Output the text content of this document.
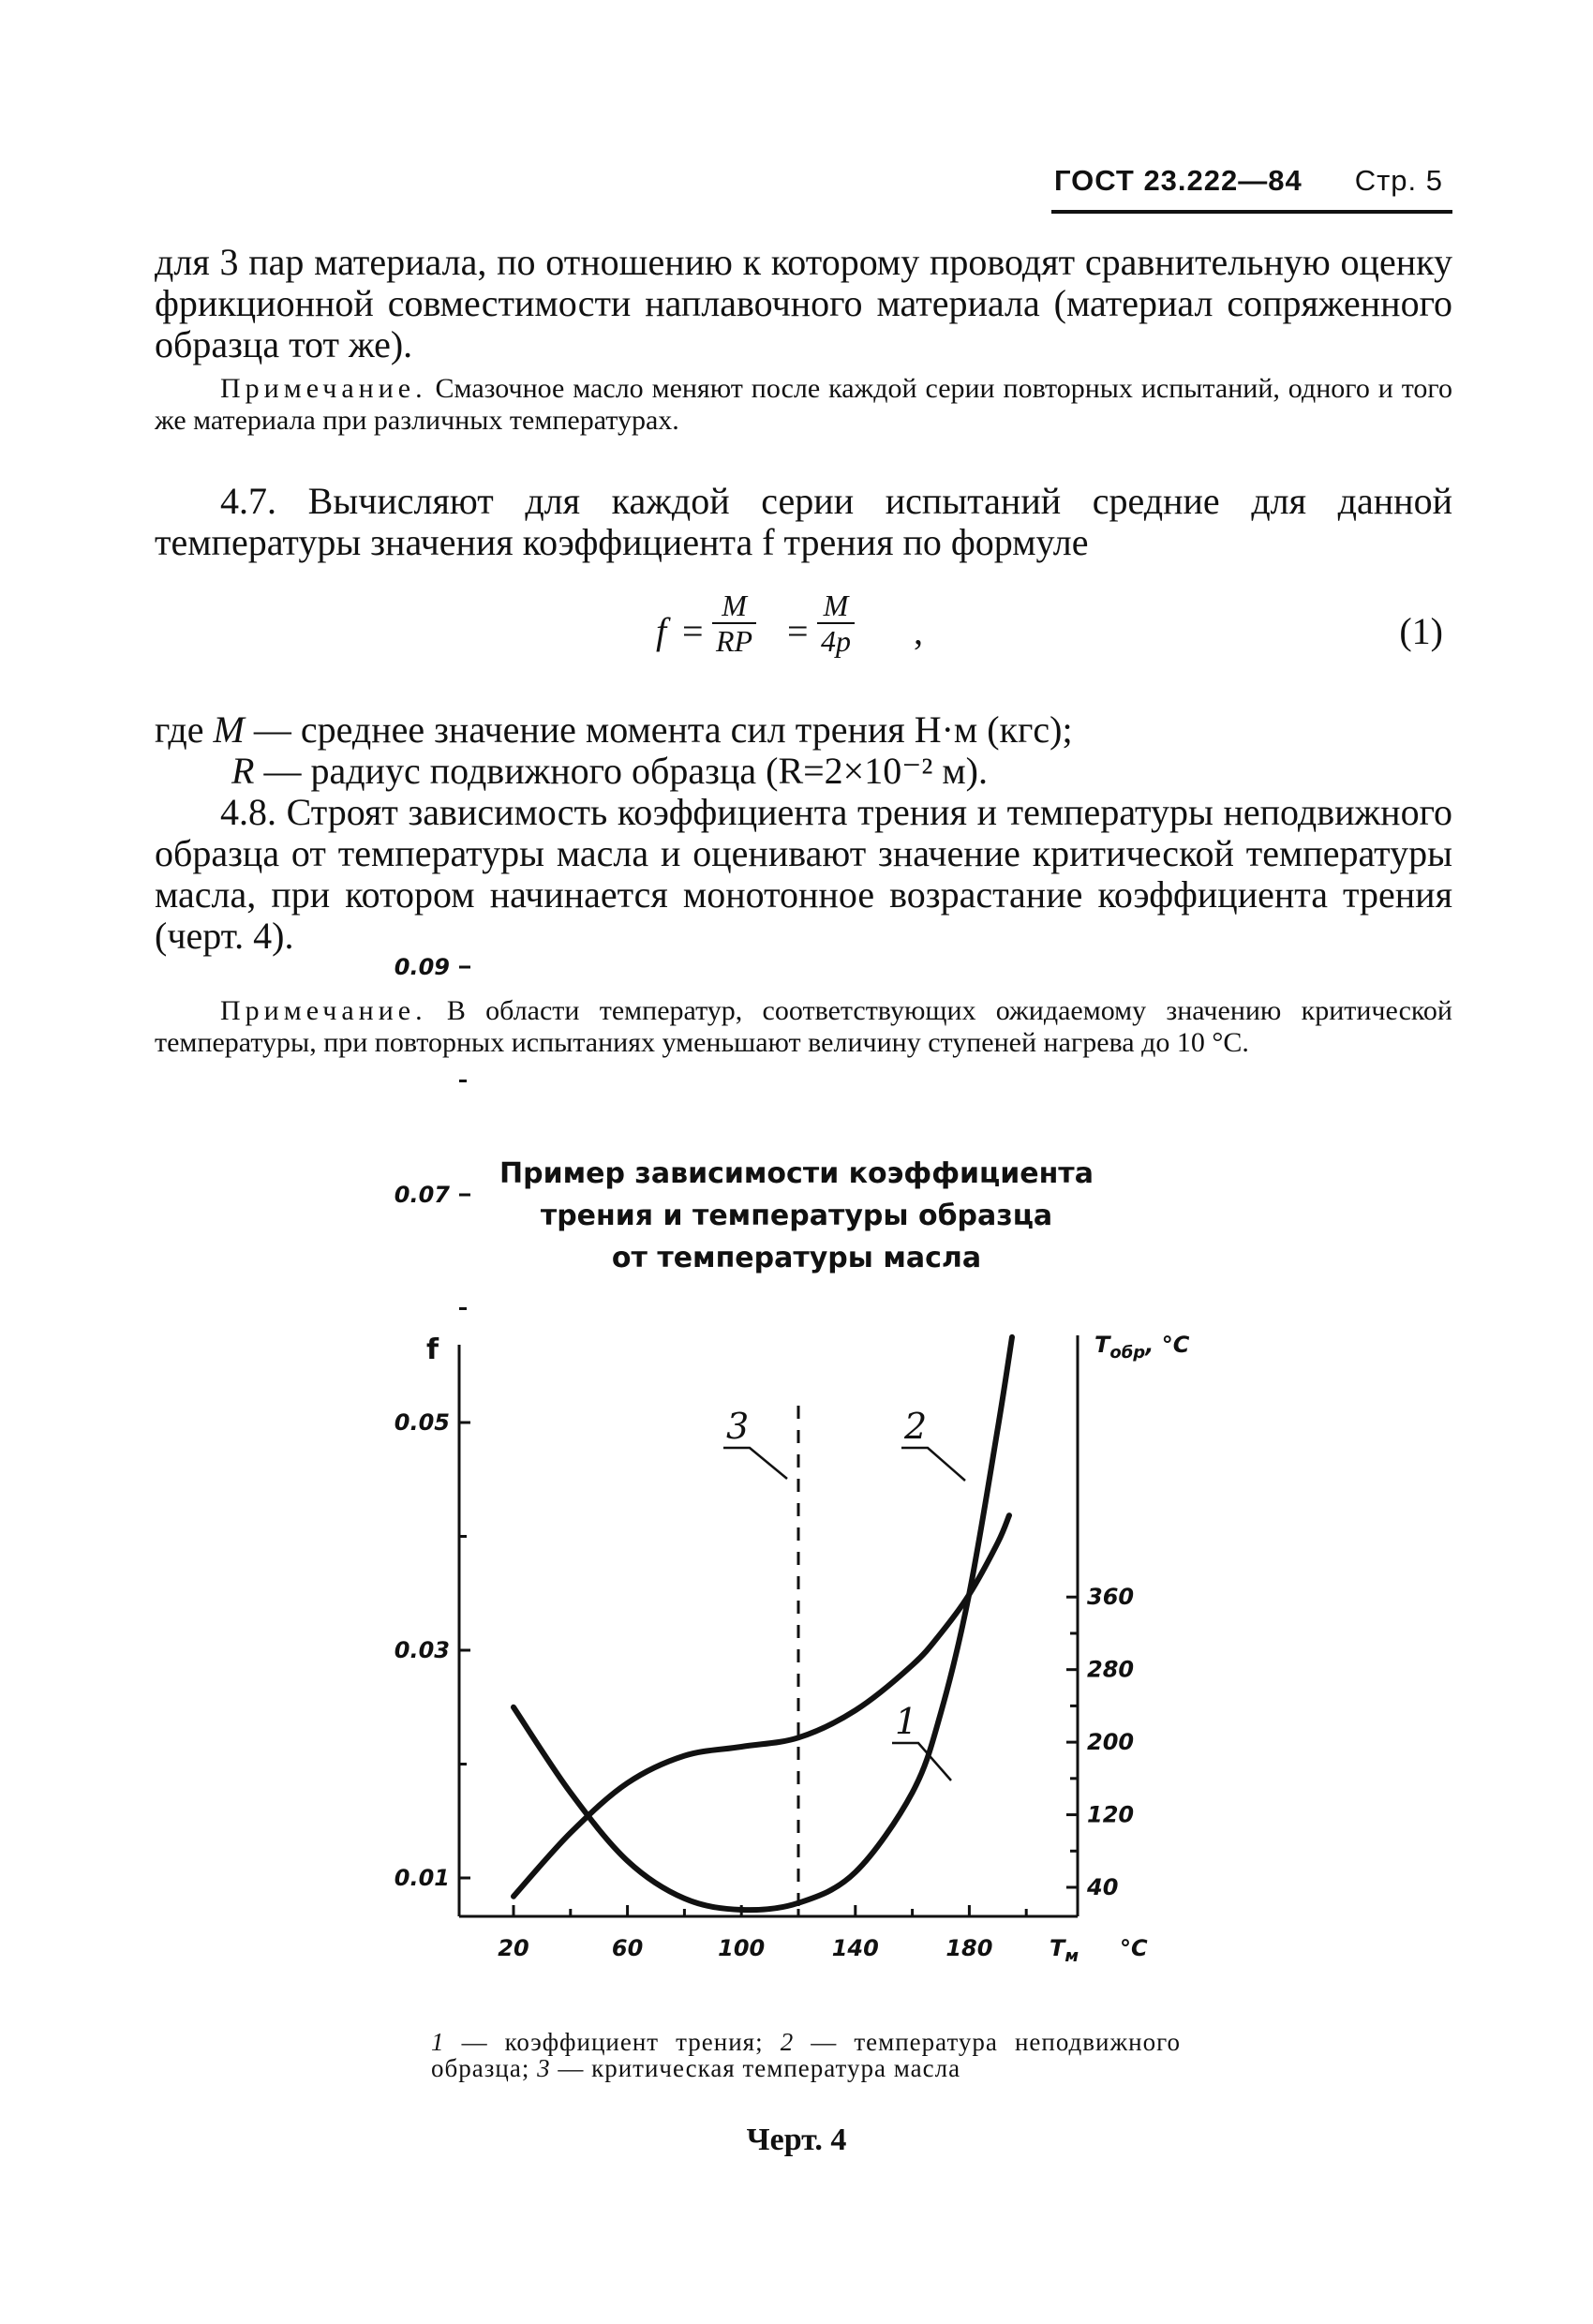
ГОСТ 23.222—84 Стр. 5

для 3 пар материала, по отношению к которому проводят сравнительную оценку фрикционной совместимости наплавочного материала (материал сопряженного образца тот же).

Примечание. Смазочное масло меняют после каждой серии повторных испытаний, одного и того же материала при различных температурах.

4.7. Вычисляют для каждой серии испытаний средние для данной температуры значения коэффициента f трения по формуле

$f = \frac{M}{RP} = \frac{M}{4p}$ ,	(1)

где M — среднее значение момента сил трения Н·м (кгс);

R — радиус подвижного образца (R=2×10⁻² м).

4.8. Строят зависимость коэффициента трения и температуры неподвижного образца от температуры масла и оценивают значение критической температуры масла, при котором начинается монотонное возрастание коэффициента трения (черт. 4).

Примечание. В области температур, соответствующих ожидаемому значению критической температуры, при повторных испытаниях уменьшают величину ступеней нагрева до 10 °С.

Пример зависимости коэффициента
трения и температуры образца
от температуры масла
0.01
0.03
0.05
0.07
0.09
40
120
200
280
360
20	60	100	140	180
f	$T_{обр}$, °C
$T_м$ °C
3	2
1

1 — коэффициент трения; 2 — температура неподвижного образца; 3 — критическая температура масла

Черт. 4
